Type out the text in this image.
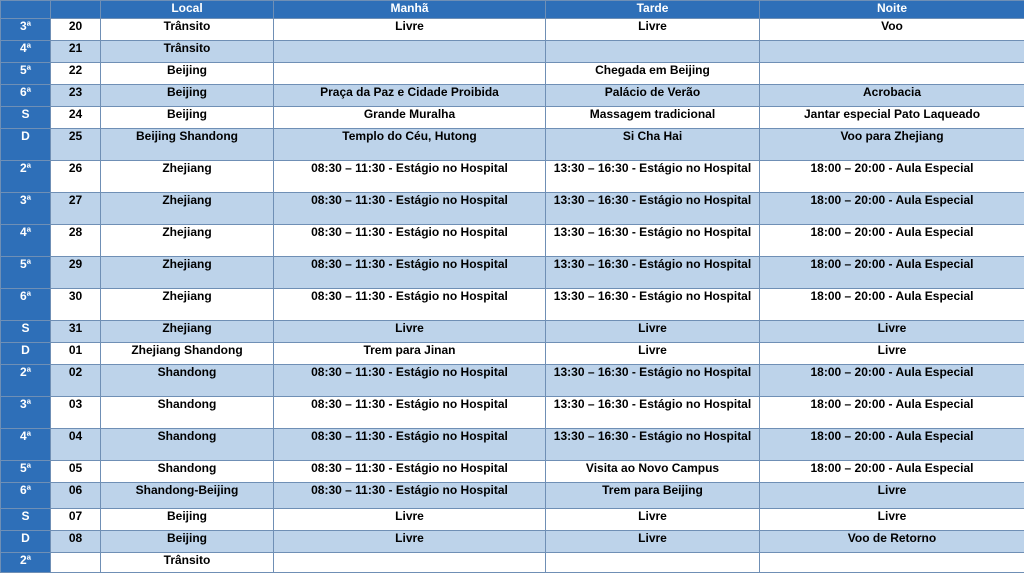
		Local	Manhã	Tarde	Noite
3ª	20	Trânsito	Livre	Livre	Voo
4ª	21	Trânsito			
5ª	22	Beijing		Chegada em Beijing	
6ª	23	Beijing	Praça da Paz e Cidade Proibida	Palácio de Verão	Acrobacia
S	24	Beijing	Grande Muralha	Massagem tradicional	Jantar especial Pato Laqueado
D	25	Beijing Shandong	Templo do Céu, Hutong	Si Cha Hai	Voo para Zhejiang
2ª	26	Zhejiang	08:30 – 11:30 - Estágio no Hospital	13:30 – 16:30 - Estágio no Hospital	18:00 – 20:00 - Aula Especial
3ª	27	Zhejiang	08:30 – 11:30 - Estágio no Hospital	13:30 – 16:30 - Estágio no Hospital	18:00 – 20:00 - Aula Especial
4ª	28	Zhejiang	08:30 – 11:30 - Estágio no Hospital	13:30 – 16:30 - Estágio no Hospital	18:00 – 20:00 - Aula Especial
5ª	29	Zhejiang	08:30 – 11:30 - Estágio no Hospital	13:30 – 16:30 - Estágio no Hospital	18:00 – 20:00 - Aula Especial
6ª	30	Zhejiang	08:30 – 11:30 - Estágio no Hospital	13:30 – 16:30 - Estágio no Hospital	18:00 – 20:00 - Aula Especial
S	31	Zhejiang	Livre	Livre	Livre
D	01	Zhejiang Shandong	Trem para Jinan	Livre	Livre
2ª	02	Shandong	08:30 – 11:30 - Estágio no Hospital	13:30 – 16:30 - Estágio no Hospital	18:00 – 20:00 - Aula Especial
3ª	03	Shandong	08:30 – 11:30 - Estágio no Hospital	13:30 – 16:30 - Estágio no Hospital	18:00 – 20:00 - Aula Especial
4ª	04	Shandong	08:30 – 11:30 - Estágio no Hospital	13:30 – 16:30 - Estágio no Hospital	18:00 – 20:00 - Aula Especial
5ª	05	Shandong	08:30 – 11:30 - Estágio no Hospital	Visita ao Novo Campus	18:00 – 20:00 - Aula Especial
6ª	06	Shandong-Beijing	08:30 – 11:30 - Estágio no Hospital	Trem para Beijing	Livre
S	07	Beijing	Livre	Livre	Livre
D	08	Beijing	Livre	Livre	Voo de Retorno
2ª		Trânsito			
